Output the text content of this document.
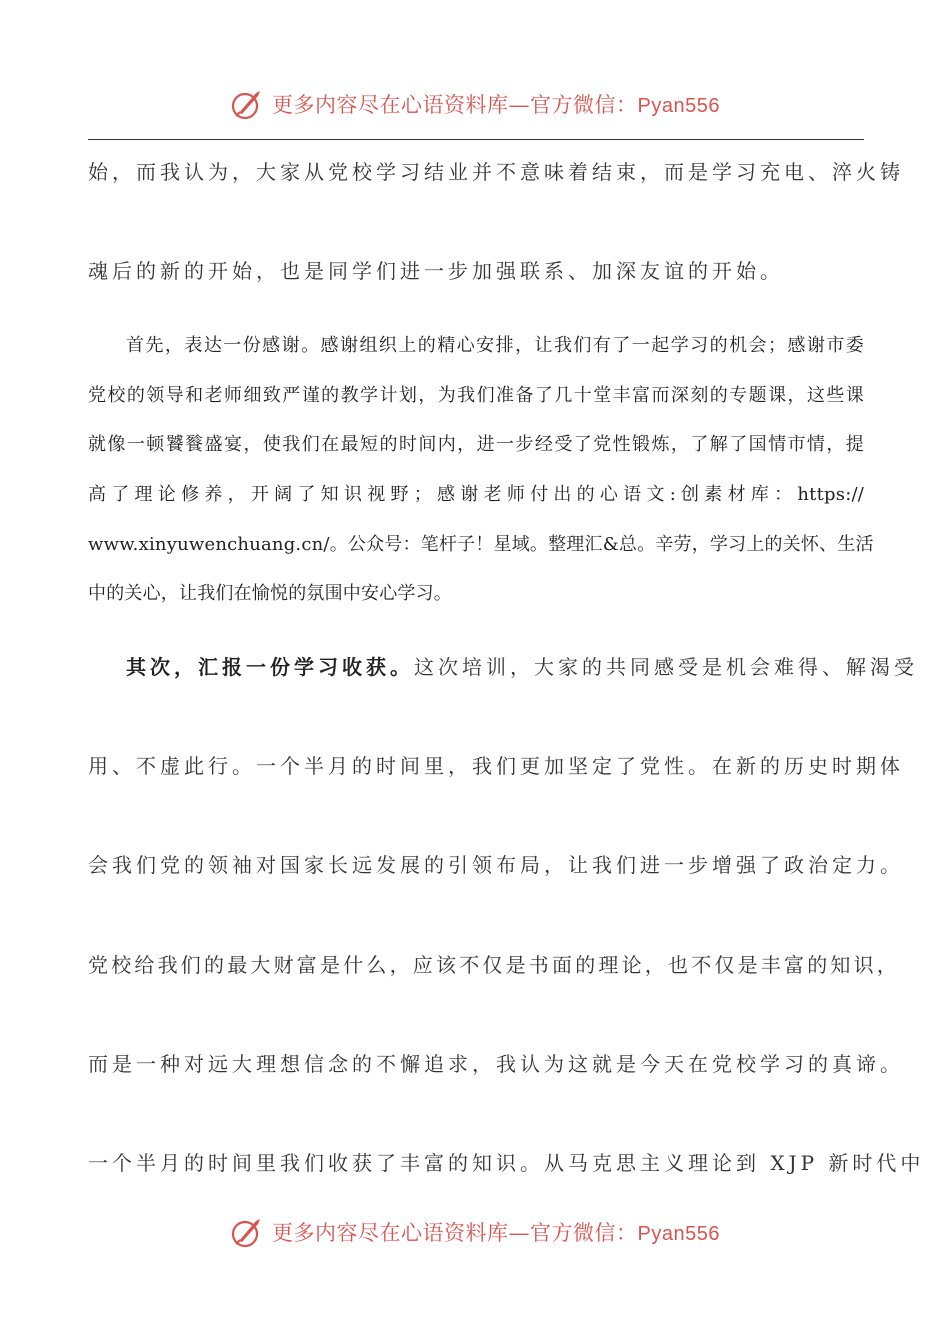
更多内容尽在心语资料库—官方微信：Pyan556
始，而我认为，大家从党校学习结业并不意味着结束，而是学习充电、淬火铸
魂后的新的开始，也是同学们进一步加强联系、加深友谊的开始。
首先，表达一份感谢。感谢组织上的精心安排，让我们有了一起学习的机会；感谢市委
党校的领导和老师细致严谨的教学计划，为我们准备了几十堂丰富而深刻的专题课，这些课
就像一顿饕餮盛宴，使我们在最短的时间内，进一步经受了党性锻炼，了解了国情市情，提
高了理论修养，开阔了知识视野；感谢老师付出的心语文:创素材库：https://
www.xinyuwenchuang.cn/。公众号：笔杆子！星域。整理汇&总。辛劳，学习上的关怀、生活
中的关心，让我们在愉悦的氛围中安心学习。
其次，汇报一份学习收获。这次培训，大家的共同感受是机会难得、解渴受
用、不虚此行。一个半月的时间里，我们更加坚定了党性。在新的历史时期体
会我们党的领袖对国家长远发展的引领布局，让我们进一步增强了政治定力。
党校给我们的最大财富是什么，应该不仅是书面的理论，也不仅是丰富的知识，
而是一种对远大理想信念的不懈追求，我认为这就是今天在党校学习的真谛。
一个半月的时间里我们收获了丰富的知识。从马克思主义理论到 XJP 新时代中
更多内容尽在心语资料库—官方微信：Pyan556
